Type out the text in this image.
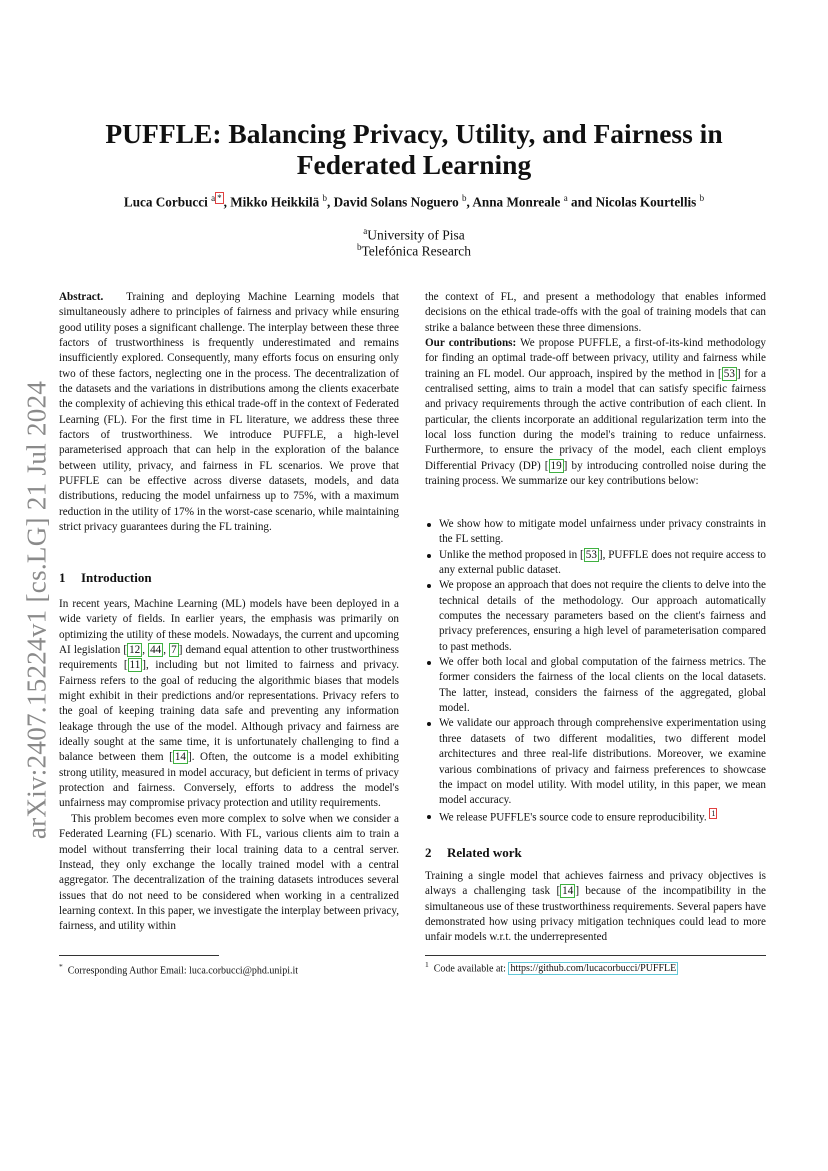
arXiv:2407.15224v1 [cs.LG] 21 Jul 2024
PUFFLE: Balancing Privacy, Utility, and Fairness in Federated Learning
Luca Corbucci $^a$ * , Mikko Heikkilä $^b$, David Solans Noguero $^b$, Anna Monreale $^a$ and Nicolas Kourtellis $^b$
$^a$University of Pisa
$^b$Telefónica Research

Abstract. Training and deploying Machine Learning models that simultaneously adhere to principles of fairness and privacy while ensuring good utility poses a significant challenge. The interplay between these three factors of trustworthiness is frequently underestimated and remains insufficiently explored. Consequently, many efforts focus on ensuring only two of these factors, neglecting one in the process. The decentralization of the datasets and the variations in distributions among the clients exacerbate the complexity of achieving this ethical trade-off in the context of Federated Learning (FL). For the first time in FL literature, we address these three factors of trustworthiness. We introduce PUFFLE, a high-level parameterised approach that can help in the exploration of the balance between utility, privacy, and fairness in FL scenarios. We prove that PUFFLE can be effective across diverse datasets, models, and data distributions, reducing the model unfairness up to 75%, with a maximum reduction in the utility of 17% in the worst-case scenario, while maintaining strict privacy guarantees during the FL training.

1 Introduction

In recent years, Machine Learning (ML) models have been deployed in a wide variety of fields. In earlier years, the emphasis was primarily on optimizing the utility of these models. Nowadays, the current and upcoming AI legislation [ 12 , 44 , 7 ] demand equal attention to other trustworthiness requirements [ 11 ], including but not limited to fairness and privacy. Fairness refers to the goal of reducing the algorithmic biases that models might exhibit in their predictions and/or representations. Privacy refers to the goal of keeping training data safe and preventing any information leakage through the use of the model. Although privacy and fairness are ideally sought at the same time, it is unfortunately challenging to find a balance between them [ 14 ]. Often, the outcome is a model exhibiting strong utility, measured in model accuracy, but deficient in terms of privacy protection and fairness. Conversely, efforts to address the model's unfairness may compromise privacy protection and utility requirements.

This problem becomes even more complex to solve when we consider a Federated Learning (FL) scenario. With FL, various clients aim to train a model without transferring their local training data to a central server. Instead, they only exchange the locally trained model with a central aggregator. The decentralization of the training datasets introduces several issues that do not need to be considered when working in a centralized learning context. In this paper, we investigate the interplay between privacy, fairness, and utility within

* Corresponding Author Email: luca.corbucci@phd.unipi.it

the context of FL, and present a methodology that enables informed decisions on the ethical trade-offs with the goal of training models that can strike a balance between these three dimensions.

Our contributions: We propose PUFFLE, a first-of-its-kind methodology for finding an optimal trade-off between privacy, utility and fairness while training an FL model. Our approach, inspired by the method in [ 53 ] for a centralised setting, aims to train a model that can satisfy specific fairness and privacy requirements through the active contribution of each client. In particular, the clients incorporate an additional regularization term into the local loss function during the model's training to reduce unfairness. Furthermore, to ensure the privacy of the model, each client employs Differential Privacy (DP) [ 19 ] by introducing controlled noise during the training process. We summarize our key contributions below:

We show how to mitigate model unfairness under privacy constraints in the FL setting.
Unlike the method proposed in [ 53 ], PUFFLE does not require access to any external public dataset.
We propose an approach that does not require the clients to delve into the technical details of the methodology. Our approach automatically computes the necessary parameters based on the client's fairness and privacy preferences, ensuring a high level of parameterisation compared to past methods.
We offer both local and global computation of the fairness metrics. The former considers the fairness of the local clients on the local datasets. The latter, instead, considers the fairness of the aggregated, global model.
We validate our approach through comprehensive experimentation using three datasets of two different modalities, two different model architectures and three real-life distributions. Moreover, we examine various combinations of privacy and fairness preferences to showcase the impact on model utility. With model utility, in this paper, we mean model accuracy.
We release PUFFLE's source code to ensure reproducibility. $^1$
2 Related work

Training a single model that achieves fairness and privacy objectives is always a challenging task [ 14 ] because of the incompatibility in the simultaneous use of these trustworthiness requirements. Several papers have demonstrated how using privacy mitigation techniques could lead to more unfair models w.r.t. the underrepresented

$^1$ Code available at: https://github.com/lucacorbucci/PUFFLE
